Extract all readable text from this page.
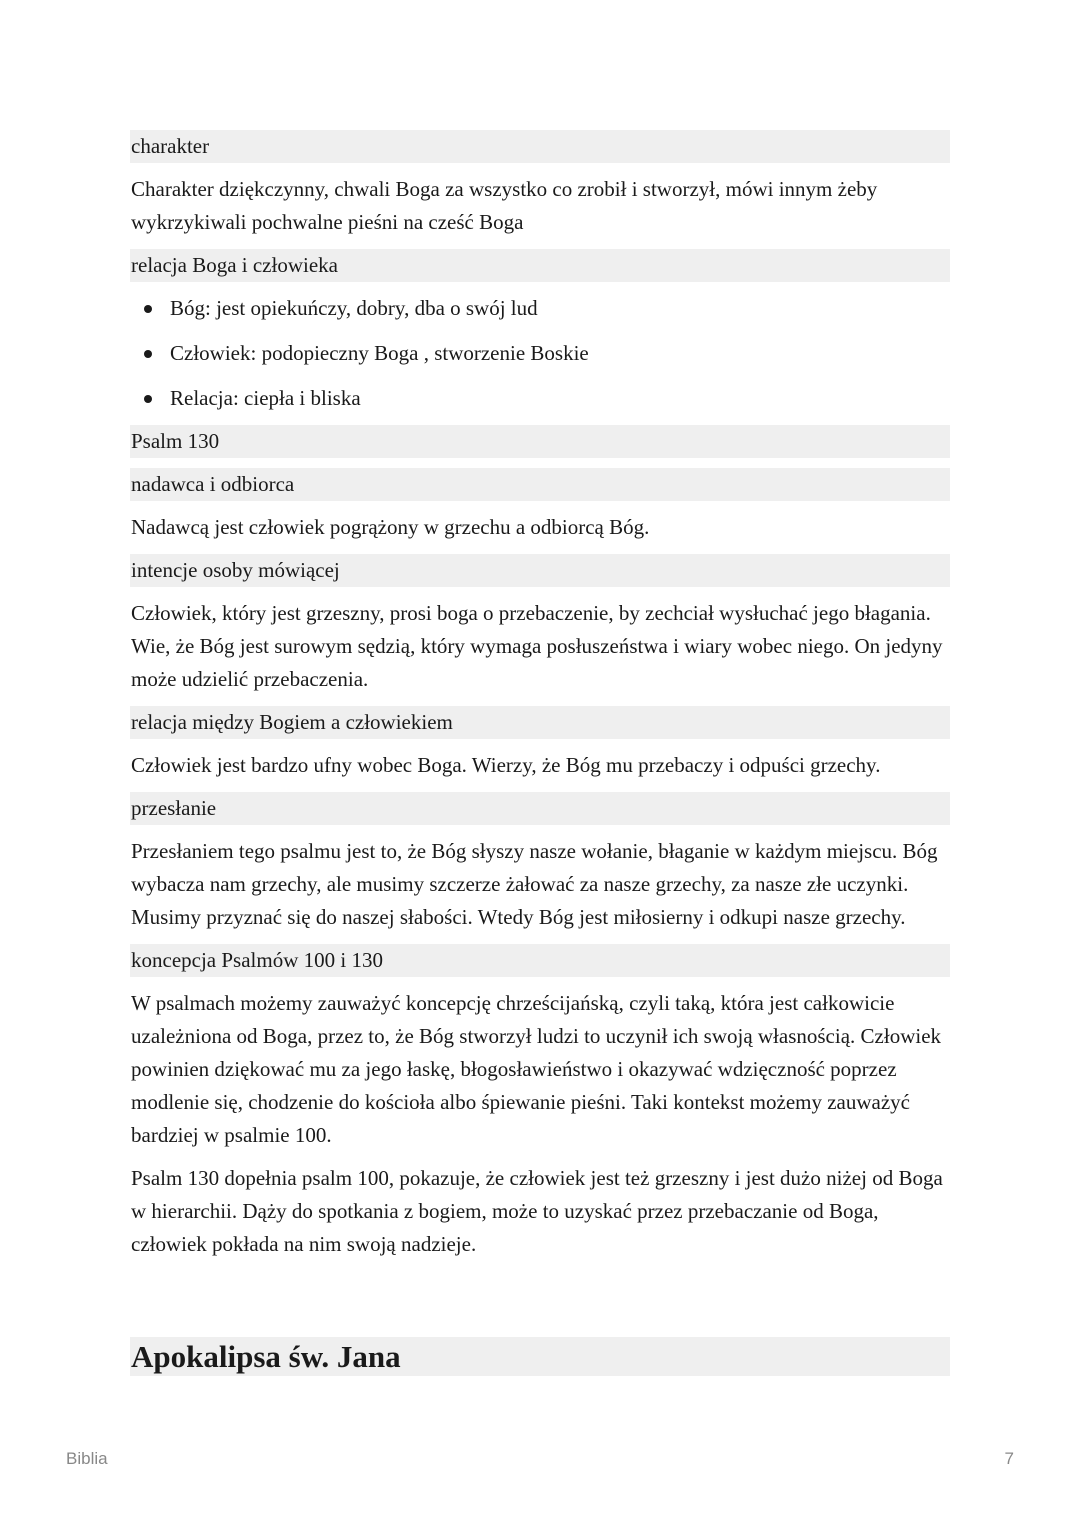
charakter
Charakter dziękczynny, chwali Boga za wszystko co zrobił i stworzył, mówi innym żeby wykrzykiwali pochwalne pieśni na cześć Boga
relacja Boga i człowieka
Bóg: jest opiekuńczy, dobry, dba o swój lud
Człowiek: podopieczny Boga , stworzenie Boskie
Relacja: ciepła i bliska
Psalm 130
nadawca i odbiorca
Nadawcą jest człowiek pogrążony w grzechu a odbiorcą Bóg.
intencje osoby mówiącej
Człowiek, który jest grzeszny, prosi boga o przebaczenie, by zechciał wysłuchać jego błagania. Wie, że Bóg jest surowym sędzią, który wymaga posłuszeństwa i wiary wobec niego. On jedyny może udzielić przebaczenia.
relacja między Bogiem a człowiekiem
Człowiek jest bardzo ufny wobec Boga. Wierzy, że Bóg mu przebaczy i odpuści grzechy.
przesłanie
Przesłaniem tego psalmu jest to, że Bóg słyszy nasze wołanie, błaganie w każdym miejscu. Bóg wybacza nam grzechy, ale musimy szczerze żałować za nasze grzechy, za nasze złe uczynki. Musimy przyznać się do naszej słabości. Wtedy Bóg jest miłosierny i odkupi nasze grzechy.
koncepcja Psalmów 100 i 130
W psalmach możemy zauważyć koncepcję chrześcijańską, czyli taką, która jest całkowicie uzależniona od Boga, przez to, że Bóg stworzył ludzi to uczynił ich swoją własnością. Człowiek powinien dziękować mu za jego łaskę, błogosławieństwo i okazywać wdzięczność poprzez modlenie się, chodzenie do kościoła albo śpiewanie pieśni. Taki kontekst możemy zauważyć bardziej w psalmie 100.
Psalm 130 dopełnia psalm 100, pokazuje, że człowiek jest też grzeszny i jest dużo niżej od Boga w hierarchii. Dąży do spotkania z bogiem, może to uzyskać przez przebaczanie od Boga, człowiek pokłada na nim swoją nadzieje.
Apokalipsa św. Jana
Biblia	7
